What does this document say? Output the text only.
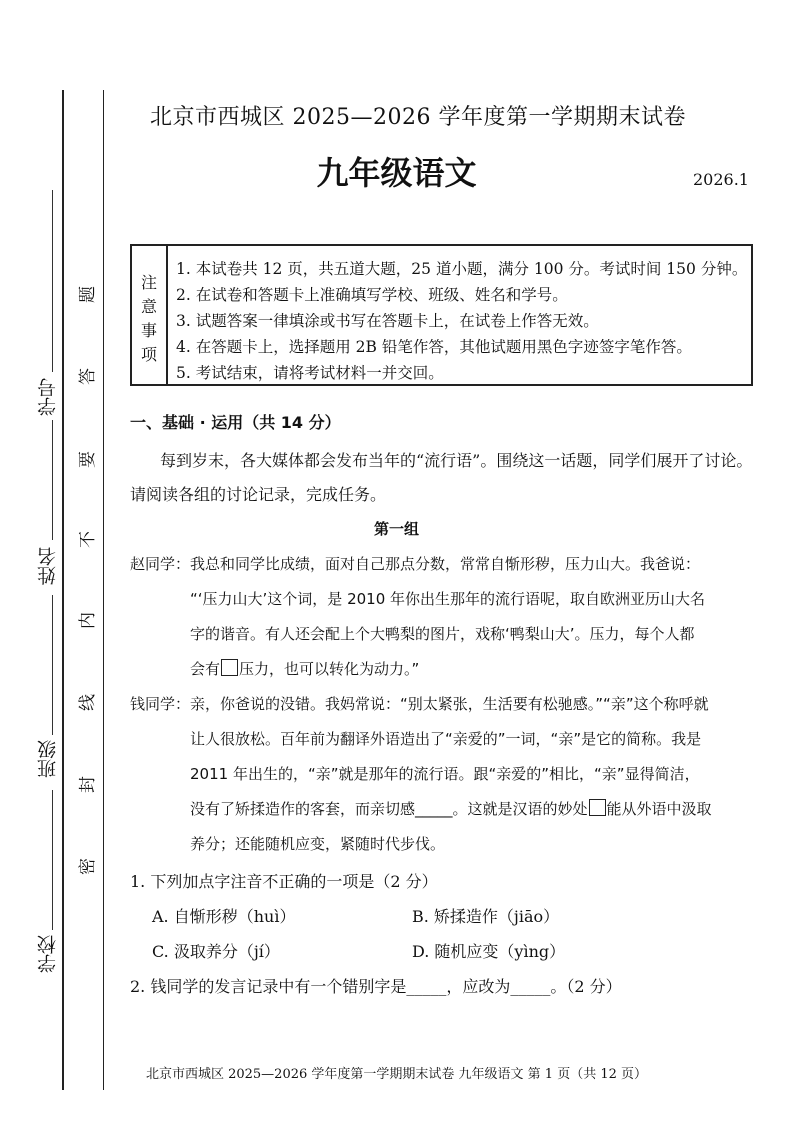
学号
姓名
班级
学校
题
答
要
不
内
线
封
密
北京市西城区 2025—2026 学年度第一学期期末试卷
九年级语文	2026.1
注
意
事
项
1. 本试卷共 12 页，共五道大题，25 道小题，满分 100 分。考试时间 150 分钟。
2. 在试卷和答题卡上准确填写学校、班级、姓名和学号。
3. 试题答案一律填涂或书写在答题卡上，在试卷上作答无效。
4. 在答题卡上，选择题用 2B 铅笔作答，其他试题用黑色字迹签字笔作答。
5. 考试结束，请将考试材料一并交回。
一、基础 · 运用（共 14 分）
每到岁末，各大媒体都会发布当年的“流行语”。围绕这一话题，同学们展开了讨论。
请阅读各组的讨论记录，完成任务。
第一组
赵同学：我总和同学比成绩，面对自己那点分数，常常自惭形秽，压力山大。我爸说：
“‘压力山大’这个词，是 2010 年你出生那年的流行语呢，取自欧洲亚历山大名
字的谐音。有人还会配上个大鸭梨的图片，戏称‘鸭梨山大’。压力，每个人都
会有 压力，也可以转化为动力。”
钱同学：亲，你爸说的没错。我妈常说：“别太紧张，生活要有松驰感。”“亲”这个称呼就
让人很放松。百年前为翻译外语造出了“亲爱的”一词，“亲”是它的简称。我是
2011 年出生的，“亲”就是那年的流行语。跟“亲爱的”相比，“亲”显得简洁，
没有了矫揉造作的客套，而亲切感_____。这就是汉语的妙处 能从外语中汲取
养分；还能随机应变，紧随时代步伐。
1. 下列加点字注音不正确的一项是（2 分）
A. 自惭形秽（huì）	B. 矫揉造作（jiāo）
C. 汲取养分（jí）	D. 随机应变（yìng）
2. 钱同学的发言记录中有一个错别字是_____，应改为_____。（2 分）
北京市西城区 2025—2026 学年度第一学期期末试卷 九年级语文 第 1 页（共 12 页）
